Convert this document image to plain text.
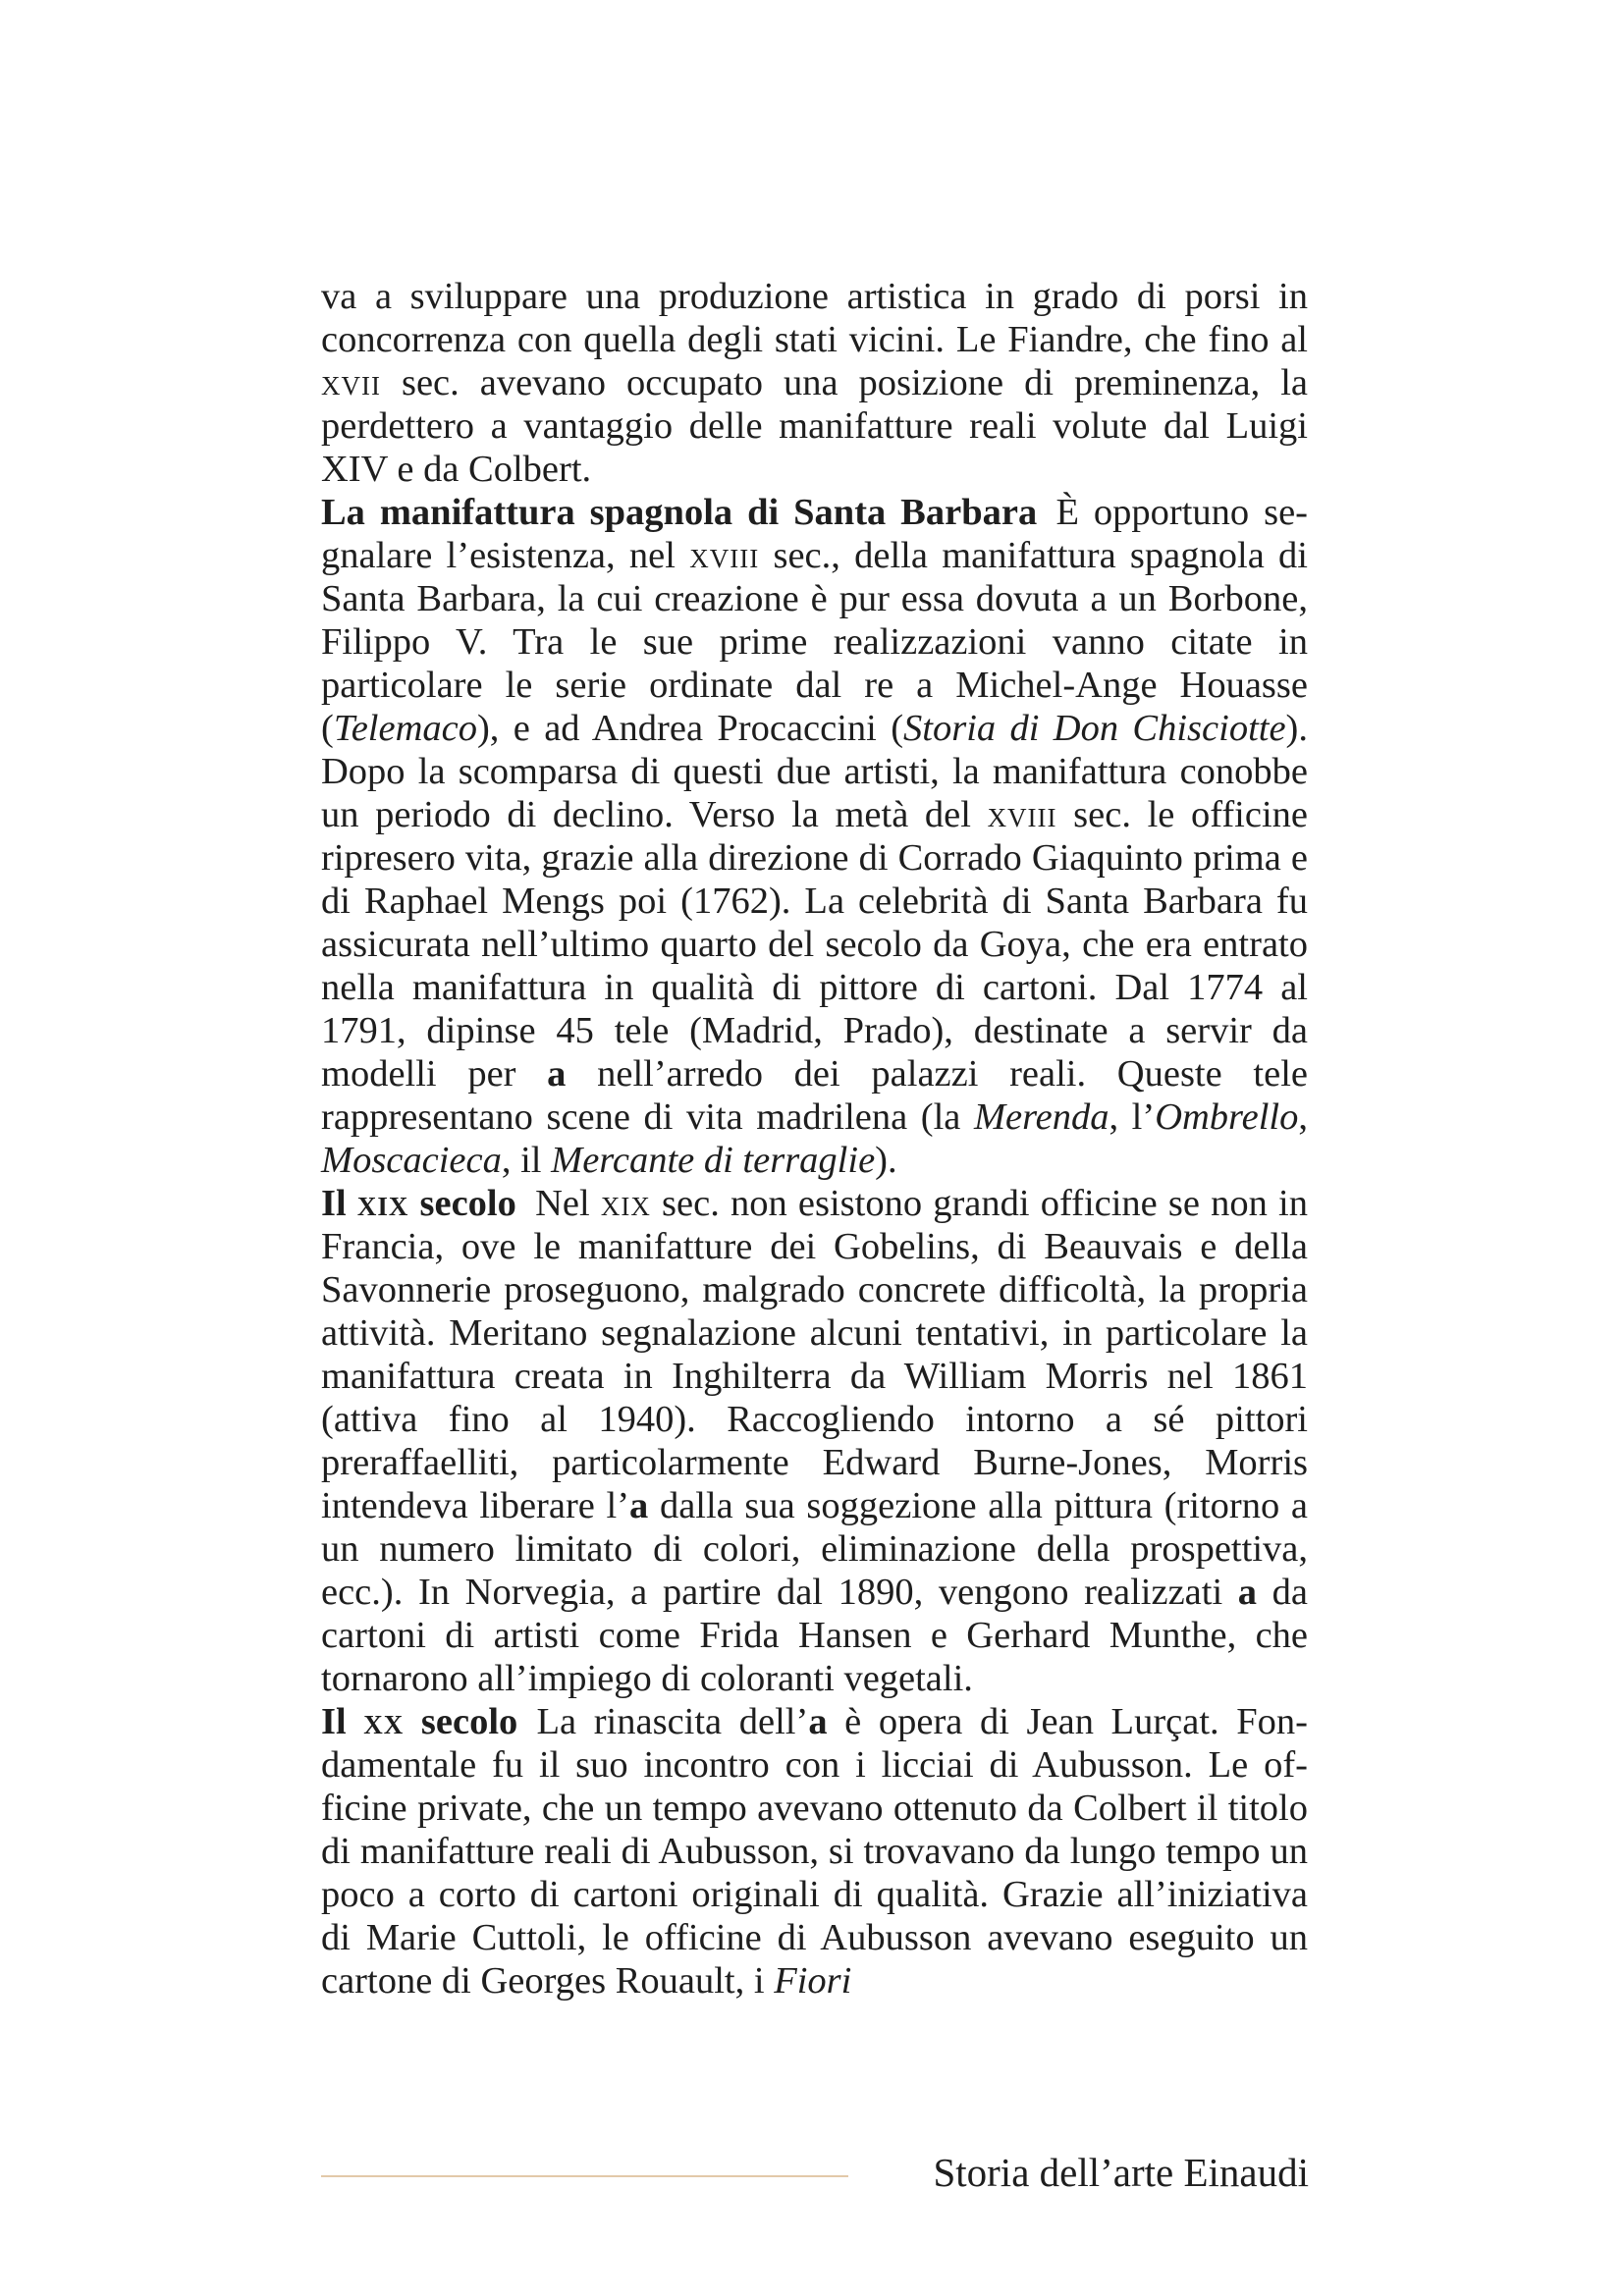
va a sviluppare una produzione artistica in grado di porsi in concorrenza con quella degli stati vicini. Le Fiandre, che fino al xvii sec. avevano occupato una posizione di preminenza, la perdettero a vantaggio delle manifatture reali volute dal Luigi XIV e da Colbert.

La manifattura spagnola di Santa Barbara È opportuno segnalare l’esistenza, nel xviii sec., della manifattura spagnola di Santa Barbara, la cui creazione è pur essa dovuta a un Borbone, Filippo V. Tra le sue prime realizzazioni vanno citate in particolare le serie ordinate dal re a Michel-Ange Houasse (Telemaco), e ad Andrea Procaccini (Storia di Don Chisciotte). Dopo la scomparsa di questi due artisti, la manifattura conobbe un periodo di declino. Verso la metà del xviii sec. le officine ripresero vita, grazie alla direzione di Corrado Giaquinto prima e di Raphael Mengs poi (1762). La celebrità di Santa Barbara fu assicurata nell’ultimo quarto del secolo da Goya, che era entrato nella manifattura in qualità di pittore di cartoni. Dal 1774 al 1791, dipinse 45 tele (Madrid, Prado), destinate a servir da modelli per a nell’arredo dei palazzi reali. Queste tele rappresentano scene di vita madrilena (la Merenda, l’Ombrello, Moscacieca, il Mercante di terraglie).

Il xix secolo Nel xix sec. non esistono grandi officine se non in Francia, ove le manifatture dei Gobelins, di Beauvais e della Savonnerie proseguono, malgrado concrete difficoltà, la propria attività. Meritano segnalazione alcuni tentativi, in particolare la manifattura creata in Inghilterra da William Morris nel 1861 (attiva fino al 1940). Raccogliendo intorno a sé pittori preraffaelliti, particolarmente Edward Burne-Jones, Morris intendeva liberare l’a dalla sua soggezione alla pittura (ritorno a un numero limitato di colori, eliminazione della prospettiva, ecc.). In Norvegia, a partire dal 1890, vengono realizzati a da cartoni di artisti come Frida Hansen e Gerhard Munthe, che tornarono all’impiego di coloranti vegetali.

Il xx secolo La rinascita dell’a è opera di Jean Lurçat. Fondamentale fu il suo incontro con i licciai di Aubusson. Le officine private, che un tempo avevano ottenuto da Colbert il titolo di manifatture reali di Aubusson, si trovavano da lungo tempo un poco a corto di cartoni originali di qualità. Grazie all’iniziativa di Marie Cuttoli, le officine di Aubusson avevano eseguito un cartone di Georges Rouault, i Fiori

Storia dell’arte Einaudi
